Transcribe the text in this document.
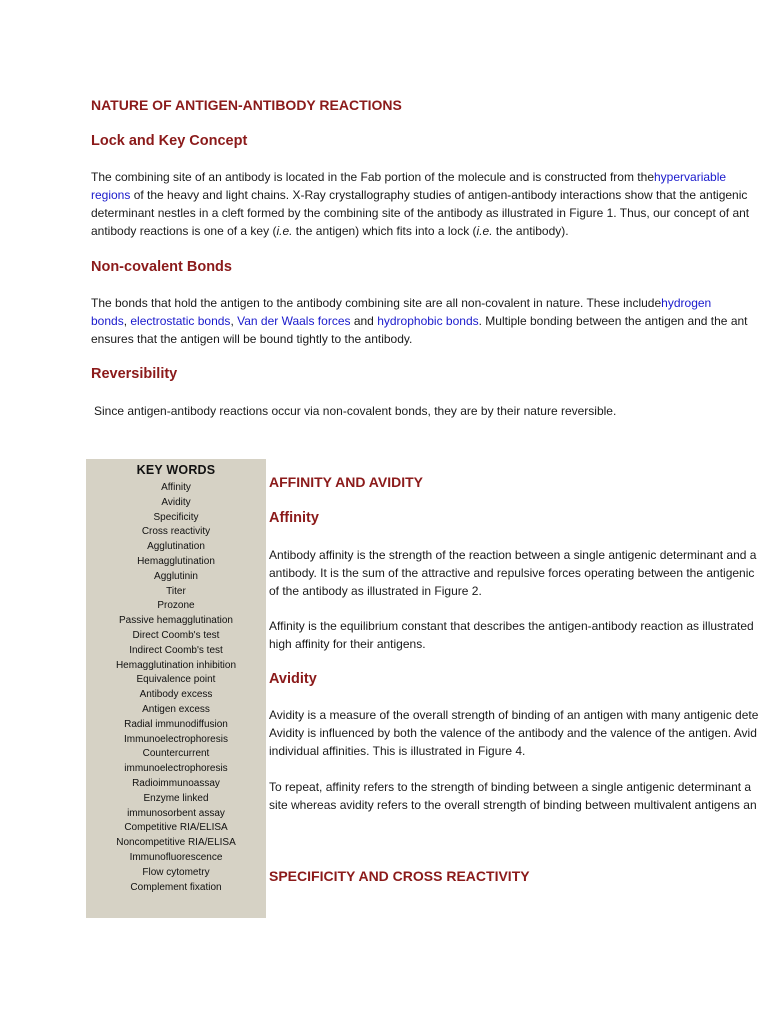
NATURE OF ANTIGEN-ANTIBODY REACTIONS
Lock and Key Concept
The combining site of an antibody is located in the Fab portion of the molecule and is constructed from thehypervariable
regions of the heavy and light chains. X-Ray crystallography studies of antigen-antibody interactions show that the antigenic
determinant nestles in a cleft formed by the combining site of the antibody as illustrated in Figure 1. Thus, our concept of ant
antibody reactions is one of a key (i.e. the antigen) which fits into a lock (i.e. the antibody).
Non-covalent Bonds
The bonds that hold the antigen to the antibody combining site are all non-covalent in nature. These includehydrogen
bonds, electrostatic bonds, Van der Waals forces and hydrophobic bonds. Multiple bonding between the antigen and the ant
ensures that the antigen will be bound tightly to the antibody.
Reversibility
Since antigen-antibody reactions occur via non-covalent bonds, they are by their nature reversible.
KEY WORDS
Affinity
Avidity
Specificity
Cross reactivity
Agglutination
Hemagglutination
Agglutinin
Titer
Prozone
Passive hemagglutination
Direct Coomb's test
Indirect Coomb's test
Hemagglutination inhibition
Equivalence point
Antibody excess
Antigen excess
Radial immunodiffusion
Immunoelectrophoresis
Countercurrent
immunoelectrophoresis
Radioimmunoassay
Enzyme linked
immunosorbent assay
Competitive RIA/ELISA
Noncompetitive RIA/ELISA
Immunofluorescence
Flow cytometry
Complement fixation
AFFINITY AND AVIDITY
Affinity
Antibody affinity is the strength of the reaction between a single antigenic determinant and a
antibody. It is the sum of the attractive and repulsive forces operating between the antigenic
of the antibody as illustrated in Figure 2.
Affinity is the equilibrium constant that describes the antigen-antibody reaction as illustrated
high affinity for their antigens.
Avidity
Avidity is a measure of the overall strength of binding of an antigen with many antigenic dete
Avidity is influenced by both the valence of the antibody and the valence of the antigen. Avid
individual affinities. This is illustrated in Figure 4.
To repeat, affinity refers to the strength of binding between a single antigenic determinant a
site whereas avidity refers to the overall strength of binding between multivalent antigens an
SPECIFICITY AND CROSS REACTIVITY
